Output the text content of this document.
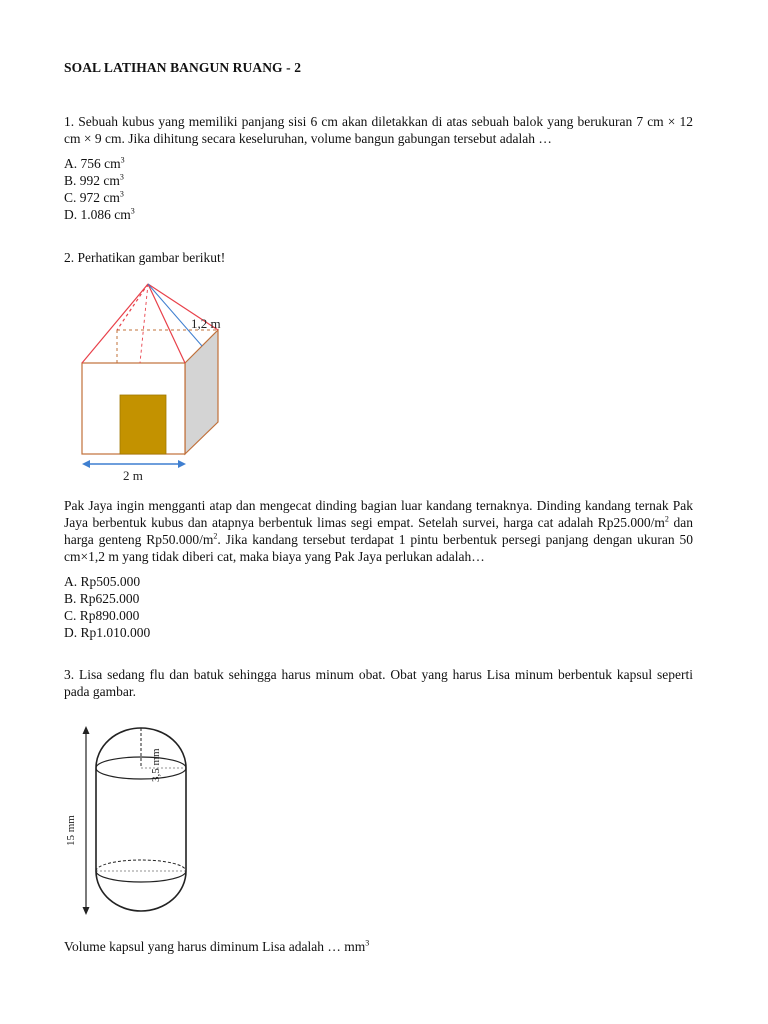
SOAL LATIHAN BANGUN RUANG - 2
1. Sebuah kubus yang memiliki panjang sisi 6 cm akan diletakkan di atas sebuah balok yang berukuran 7 cm × 12 cm × 9 cm. Jika dihitung secara keseluruhan, volume bangun gabungan tersebut adalah …
A. 756 $cm^3$
B. 992 $cm^3$
C. 972 $cm^3$
D. 1.086 $cm^3$
2. Perhatikan gambar berikut!
1,2 m
2 m
Pak Jaya ingin mengganti atap dan mengecat dinding bagian luar kandang ternaknya. Dinding kandang ternak Pak Jaya berbentuk kubus dan atapnya berbentuk limas segi empat. Setelah survei, harga cat adalah $Rp25.000/m^2$ dan harga genteng $Rp50.000/m^2$. Jika kandang tersebut terdapat 1 pintu berbentuk persegi panjang dengan ukuran 50 cm×1,2 m yang tidak diberi cat, maka biaya yang Pak Jaya perlukan adalah…
A. Rp505.000
B. Rp625.000
C. Rp890.000
D. Rp1.010.000
3. Lisa sedang flu dan batuk sehingga harus minum obat. Obat yang harus Lisa minum berbentuk kapsul seperti pada gambar.
15 mm
3,5 mm
Volume kapsul yang harus diminum Lisa adalah … $mm^3$
